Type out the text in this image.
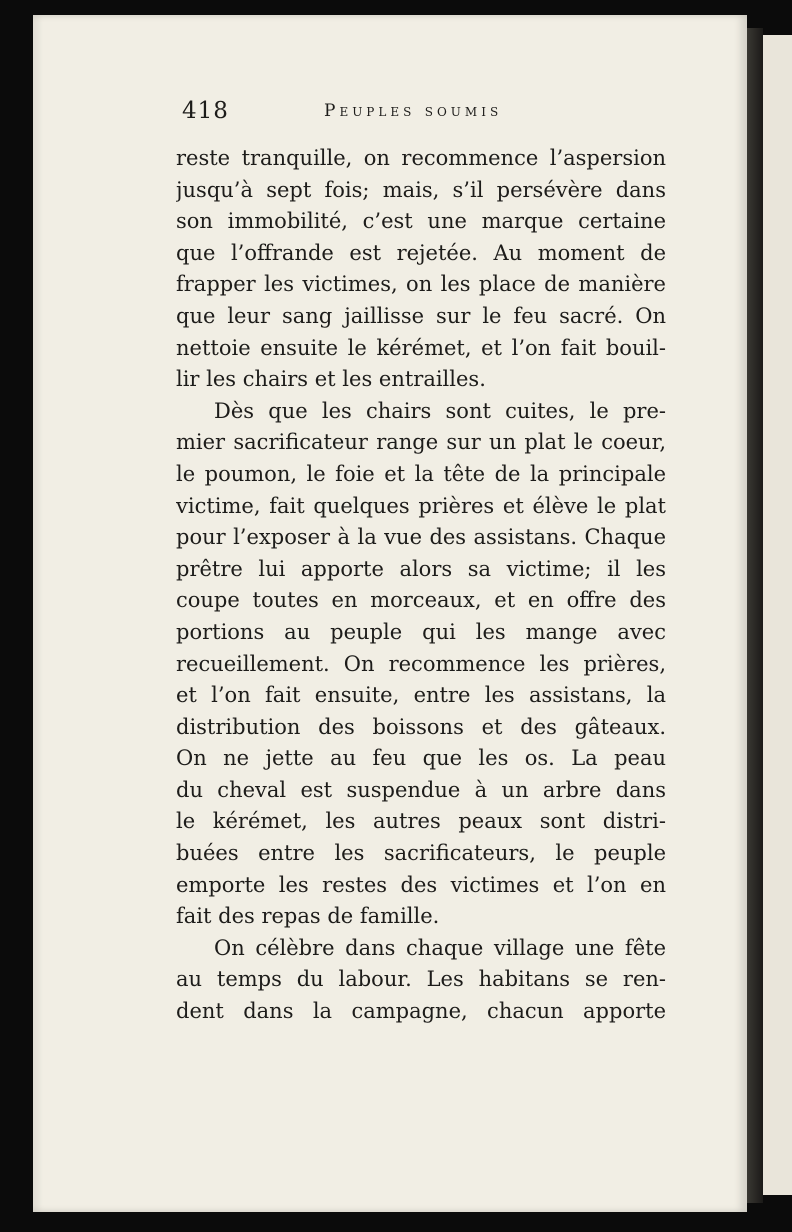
418	Peuples soumis
reste tranquille, on recommence l’aspersion
jusqu’à sept fois; mais, s’il persévère dans
son immobilité, c’est une marque certaine
que l’offrande est rejetée. Au moment de
frapper les victimes, on les place de manière
que leur sang jaillisse sur le feu sacré. On
nettoie ensuite le kérémet, et l’on fait bouil-
lir les chairs et les entrailles.
Dès que les chairs sont cuites, le pre-
mier sacrificateur range sur un plat le coeur,
le poumon, le foie et la tête de la principale
victime, fait quelques prières et élève le plat
pour l’exposer à la vue des assistans. Chaque
prêtre lui apporte alors sa victime; il les
coupe toutes en morceaux, et en offre des
portions au peuple qui les mange avec
recueillement. On recommence les prières,
et l’on fait ensuite, entre les assistans, la
distribution des boissons et des gâteaux.
On ne jette au feu que les os. La peau
du cheval est suspendue à un arbre dans
le kérémet, les autres peaux sont distri-
buées entre les sacrificateurs, le peuple
emporte les restes des victimes et l’on en
fait des repas de famille.
On célèbre dans chaque village une fête
au temps du labour. Les habitans se ren-
dent dans la campagne, chacun apporte
